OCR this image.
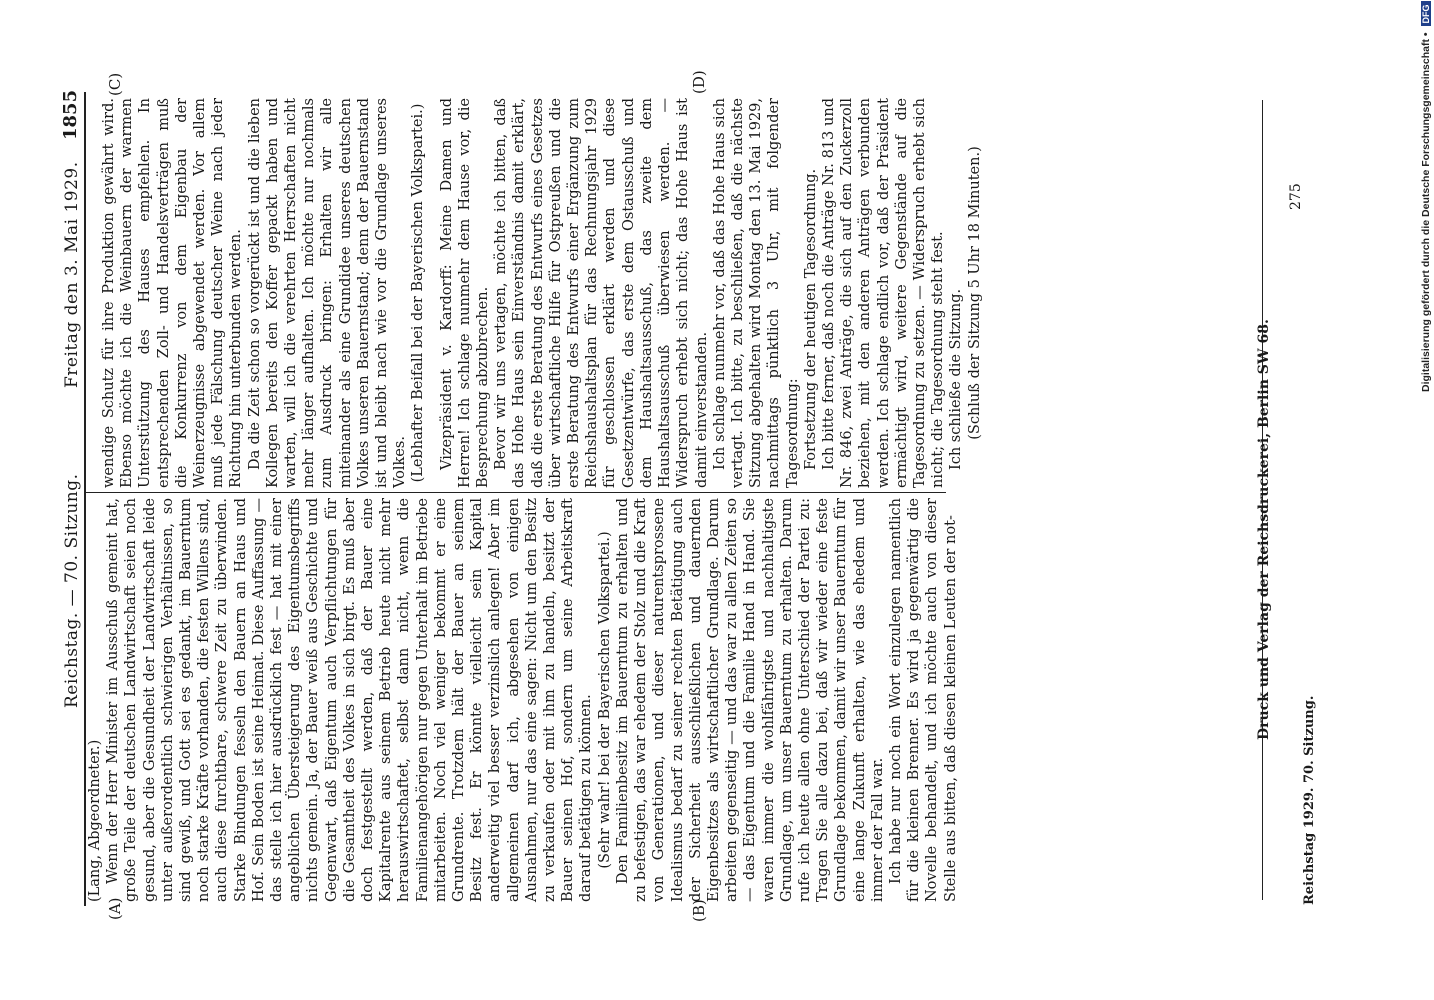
Reichstag. — 70. Sitzung.
Freitag den 3. Mai 1929.
1855

(Lang, Abgeordneter.) Wenn der Herr Minister im Ausschuß gemeint hat, große Teile der deutschen Landwirtschaft seien noch gesund, aber die Gesundheit der Landwirtschaft leide unter außerordentlich schwierigen Verhältnissen, so sind gewiß, und Gott sei es gedankt, im Bauerntum noch starke Kräfte vorhanden, die festen Willens sind, auch diese furchtbare, schwere Zeit zu überwinden. Starke Bindungen fesseln den Bauern an Haus und Hof. Sein Boden ist seine Heimat. Diese Auffassung — das stelle ich hier ausdrücklich fest — hat mit einer angeblichen Übersteigerung des Eigentumsbegriffs nichts gemein. Ja, der Bauer weiß aus Geschichte und Gegenwart, daß Eigentum auch Verpflichtungen für die Gesamtheit des Volkes in sich birgt. Es muß aber doch festgestellt werden, daß der Bauer eine Kapitalrente aus seinem Betrieb heute nicht mehr herauswirtschaftet, selbst dann nicht, wenn die Familienangehörigen nur gegen Unterhalt im Betriebe mitarbeiten. Noch viel weniger bekommt er eine Grundrente. Trotzdem hält der Bauer an seinem Besitz fest. Er könnte vielleicht sein Kapital anderweitig viel besser verzinslich anlegen! Aber im allgemeinen darf ich, abgesehen von einigen Ausnahmen, nur das eine sagen: Nicht um den Besitz zu verkaufen oder mit ihm zu handeln, besitzt der Bauer seinen Hof, sondern um seine Arbeitskraft darauf betätigen zu können. (Sehr wahr! bei der Bayerischen Volkspartei.) Den Familienbesitz im Bauerntum zu erhalten und zu befestigen, das war ehedem der Stolz und die Kraft von Generationen, und dieser naturentsprossene Idealismus bedarf zu seiner rechten Betätigung auch der Sicherheit ausschließlichen und dauernden Eigenbesitzes als wirtschaftlicher Grundlage. Darum arbeiten gegenseitig — und das war zu allen Zeiten so — das Eigentum und die Familie Hand in Hand. Sie waren immer die wohlfährigste und nachhaltigste Grundlage, um unser Bauerntum zu erhalten. Darum rufe ich heute allen ohne Unterschied der Partei zu: Tragen Sie alle dazu bei, daß wir wieder eine feste Grundlage bekommen, damit wir unser Bauerntum für eine lange Zukunft erhalten, wie das ehedem und immer der Fall war. Ich habe nur noch ein Wort einzulegen namentlich für die kleinen Brenner. Es wird ja gegenwärtig die Novelle behandelt, und ich möchte auch von dieser Stelle aus bitten, daß diesen kleinen Leuten der not-

wendige Schutz für ihre Produktion gewährt wird. Ebenso möchte ich die Weinbauern der warmen Unterstützung des Hauses empfehlen. In entsprechenden Zoll- und Handelsverträgen muß die Konkurrenz von dem Eigenbau der Weinerzeugnisse abgewendet werden. Vor allem muß jede Fälschung deutscher Weine nach jeder Richtung hin unterbunden werden. Da die Zeit schon so vorgerückt ist und die lieben Kollegen bereits den Koffer gepackt haben und warten, will ich die verehrten Herrschaften nicht mehr länger aufhalten. Ich möchte nur nochmals zum Ausdruck bringen: Erhalten wir alle miteinander als eine Grundidee unseres deutschen Volkes unseren Bauernstand; denn der Bauernstand ist und bleibt nach wie vor die Grundlage unseres Volkes. (Lebhafter Beifall bei der Bayerischen Volkspartei.) Vizepräsident v. Kardorff: Meine Damen und Herren! Ich schlage nunmehr dem Hause vor, die Besprechung abzubrechen. Bevor wir uns vertagen, möchte ich bitten, daß das Hohe Haus sein Einverständnis damit erklärt, daß die erste Beratung des Entwurfs eines Gesetzes über wirtschaftliche Hilfe für Ostpreußen und die erste Beratung des Entwurfs einer Ergänzung zum Reichshaushaltsplan für das Rechnungsjahr 1929 für geschlossen erklärt werden und diese Gesetzentwürfe, das erste dem Ostausschuß und dem Haushaltsausschuß, das zweite dem Haushaltsausschuß überwiesen werden. — Widerspruch erhebt sich nicht; das Hohe Haus ist damit einverstanden. Ich schlage nunmehr vor, daß das Hohe Haus sich vertagt. Ich bitte, zu beschließen, daß die nächste Sitzung abgehalten wird Montag den 13. Mai 1929, nachmittags pünktlich 3 Uhr, mit folgender Tagesordnung: Fortsetzung der heutigen Tagesordnung. Ich bitte ferner, daß noch die Anträge Nr. 813 und Nr. 846, zwei Anträge, die sich auf den Zuckerzoll beziehen, mit den anderen Anträgen verbunden werden. Ich schlage endlich vor, daß der Präsident ermächtigt wird, weitere Gegenstände auf die Tagesordnung zu setzen. — Widerspruch erhebt sich nicht; die Tagesordnung steht fest. Ich schließe die Sitzung. (Schluß der Sitzung 5 Uhr 18 Minuten.)

(A)	(B)
(C)	(D)
Reichstag 1929. 70. Sitzung.
Druck und Verlag der Reichsdruckerei, Berlin SW 68.
275	Digitalisierung gefördert durch die Deutsche Forschungsgemeinschaft • DFG
